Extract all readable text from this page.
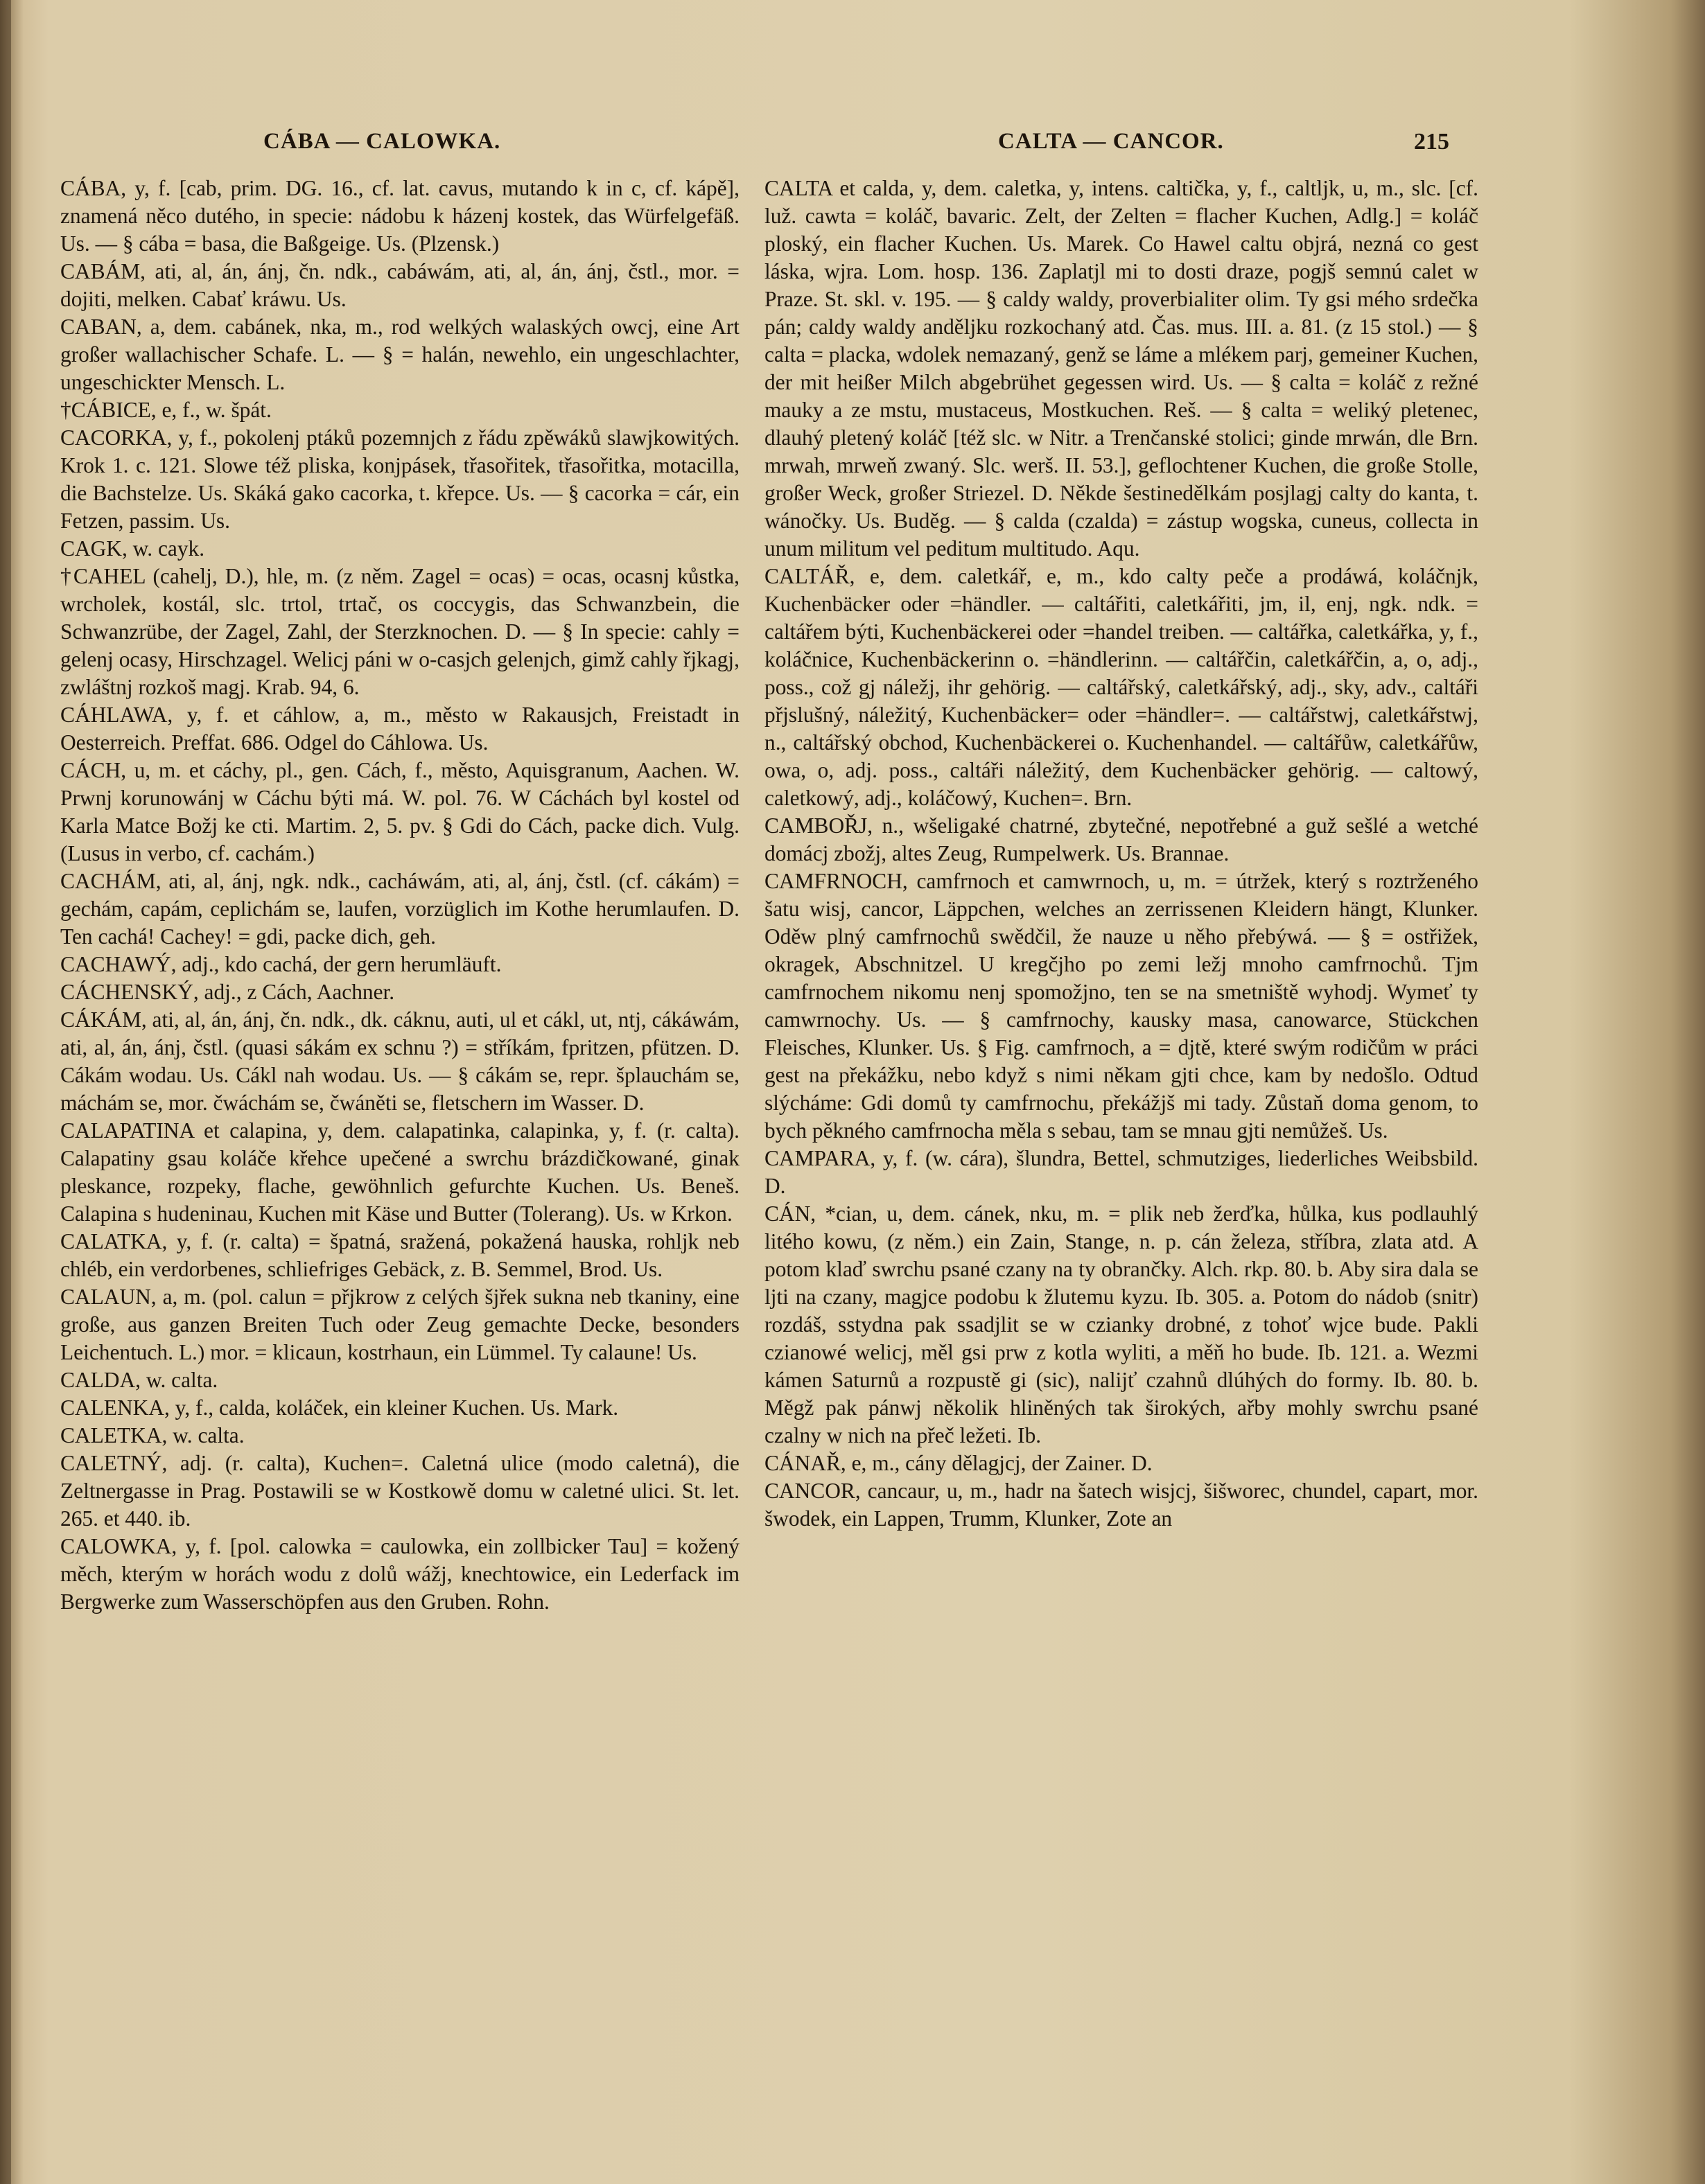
CÁBA — CALOWKA.	CALTA — CANCOR.	215

CÁBA, y, f. [cab, prim. DG. 16., cf. lat. cavus, mutando k in c, cf. kápě], znamená něco dutého, in specie: nádobu k házenj kostek, das Würfelgefäß. Us. — § cába = basa, die Baßgeige. Us. (Plzensk.)

CABÁM, ati, al, án, ánj, čn. ndk., cabáwám, ati, al, án, ánj, čstl., mor. = dojiti, melken. Cabať kráwu. Us.

CABAN, a, dem. cabánek, nka, m., rod welkých walaských owcj, eine Art großer wallachischer Schafe. L. — § = halán, newehlo, ein ungeschlachter, ungeschickter Mensch. L.

†CÁBICE, e, f., w. špát.

CACORKA, y, f., pokolenj ptáků pozemnjch z řádu zpěwáků slawjkowitých. Krok 1. c. 121. Slowe též pliska, konjpásek, třasořitek, třasořitka, motacilla, die Bachstelze. Us. Skáká gako cacorka, t. křepce. Us. — § cacorka = cár, ein Fetzen, passim. Us.

CAGK, w. cayk.

†CAHEL (cahelj, D.), hle, m. (z něm. Zagel = ocas) = ocas, ocasnj kůstka, wrcholek, kostál, slc. trtol, trtač, os coccygis, das Schwanzbein, die Schwanzrübe, der Zagel, Zahl, der Sterzknochen. D. — § In specie: cahly = gelenj ocasy, Hirschzagel. Welicj páni w o-casjch gelenjch, gimž cahly řjkagj, zwláštnj rozkoš magj. Krab. 94, 6.

CÁHLAWA, y, f. et cáhlow, a, m., město w Rakausjch, Freistadt in Oesterreich. Preffat. 686. Odgel do Cáhlowa. Us.

CÁCH, u, m. et cáchy, pl., gen. Cách, f., město, Aquisgranum, Aachen. W. Prwnj korunowánj w Cáchu býti má. W. pol. 76. W Cáchách byl kostel od Karla Matce Božj ke cti. Martim. 2, 5. pv. § Gdi do Cách, packe dich. Vulg. (Lusus in verbo, cf. cachám.)

CACHÁM, ati, al, ánj, ngk. ndk., cacháwám, ati, al, ánj, čstl. (cf. cákám) = gechám, capám, ceplichám se, laufen, vorzüglich im Kothe herumlaufen. D. Ten cachá! Cachey! = gdi, packe dich, geh.

CACHAWÝ, adj., kdo cachá, der gern herumläuft.

CÁCHENSKÝ, adj., z Cách, Aachner.

CÁKÁM, ati, al, án, ánj, čn. ndk., dk. cáknu, auti, ul et cákl, ut, ntj, cákáwám, ati, al, án, ánj, čstl. (quasi sákám ex schnu ?) = stříkám, fpritzen, pfützen. D. Cákám wodau. Us. Cákl nah wodau. Us. — § cákám se, repr. šplauchám se, máchám se, mor. čwáchám se, čwáněti se, fletschern im Wasser. D.

CALAPATINA et calapina, y, dem. calapatinka, calapinka, y, f. (r. calta). Calapatiny gsau koláče křehce upečené a swrchu brázdičkowané, ginak pleskance, rozpeky, flache, gewöhnlich gefurchte Kuchen. Us. Beneš. Calapina s hudeninau, Kuchen mit Käse und Butter (Tolerang). Us. w Krkon.

CALATKA, y, f. (r. calta) = špatná, sražená, pokažená hauska, rohljk neb chléb, ein verdorbenes, schliefriges Gebäck, z. B. Semmel, Brod. Us.

CALAUN, a, m. (pol. calun = přjkrow z celých šjřek sukna neb tkaniny, eine große, aus ganzen Breiten Tuch oder Zeug gemachte Decke, besonders Leichentuch. L.) mor. = klicaun, kostrhaun, ein Lümmel. Ty calaune! Us.

CALDA, w. calta.

CALENKA, y, f., calda, koláček, ein kleiner Kuchen. Us. Mark.

CALETKA, w. calta.

CALETNÝ, adj. (r. calta), Kuchen=. Caletná ulice (modo caletná), die Zeltnergasse in Prag. Postawili se w Kostkowě domu w caletné ulici. St. let. 265. et 440. ib.

CALOWKA, y, f. [pol. calowka = caulowka, ein zollbicker Tau] = kožený měch, kterým w horách wodu z dolů wážj, knechtowice, ein Lederfack im Bergwerke zum Wasserschöpfen aus den Gruben. Rohn.

CALTA et calda, y, dem. caletka, y, intens. caltička, y, f., caltljk, u, m., slc. [cf. luž. cawta = koláč, bavaric. Zelt, der Zelten = flacher Kuchen, Adlg.] = koláč ploský, ein flacher Kuchen. Us. Marek. Co Hawel caltu objrá, nezná co gest láska, wjra. Lom. hosp. 136. Zaplatjl mi to dosti draze, pogjš semnú calet w Praze. St. skl. v. 195. — § caldy waldy, proverbialiter olim. Ty gsi mého srdečka pán; caldy waldy anděljku rozkochaný atd. Čas. mus. III. a. 81. (z 15 stol.) — § calta = placka, wdolek nemazaný, genž se láme a mlékem parj, gemeiner Kuchen, der mit heißer Milch abgebrühet gegessen wird. Us. — § calta = koláč z režné mauky a ze mstu, mustaceus, Mostkuchen. Reš. — § calta = weliký pletenec, dlauhý pletený koláč [též slc. w Nitr. a Trenčanské stolici; ginde mrwán, dle Brn. mrwah, mrweň zwaný. Slc. werš. II. 53.], geflochtener Kuchen, die große Stolle, großer Weck, großer Striezel. D. Někde šestinedělkám posjlagj calty do kanta, t. wánočky. Us. Buděg. — § calda (czalda) = zástup wogska, cuneus, collecta in unum militum vel peditum multitudo. Aqu.

CALTÁŘ, e, dem. caletkář, e, m., kdo calty peče a prodáwá, koláčnjk, Kuchenbäcker oder =händler. — caltářiti, caletkářiti, jm, il, enj, ngk. ndk. = caltářem býti, Kuchenbäckerei oder =handel treiben. — caltářka, caletkářka, y, f., koláčnice, Kuchenbäckerinn o. =händlerinn. — caltářčin, caletkářčin, a, o, adj., poss., což gj náležj, ihr gehörig. — caltářský, caletkářský, adj., sky, adv., caltáři přjslušný, náležitý, Kuchenbäcker= oder =händler=. — caltářstwj, caletkářstwj, n., caltářský obchod, Kuchenbäckerei o. Kuchenhandel. — caltářůw, caletkářůw, owa, o, adj. poss., caltáři náležitý, dem Kuchenbäcker gehörig. — caltowý, caletkowý, adj., koláčowý, Kuchen=. Brn.

CAMBOŘJ, n., wšeligaké chatrné, zbytečné, nepotřebné a guž sešlé a wetché domácj zbožj, altes Zeug, Rumpelwerk. Us. Brannae.

CAMFRNOCH, camfrnoch et camwrnoch, u, m. = útržek, který s roztrženého šatu wisj, cancor, Läppchen, welches an zerrissenen Kleidern hängt, Klunker. Oděw plný camfrnochů swědčil, že nauze u něho přebýwá. — § = ostřižek, okragek, Abschnitzel. U kregčjho po zemi ležj mnoho camfrnochů. Tjm camfrnochem nikomu nenj spomožjno, ten se na smetniště wyhodj. Wymeť ty camwrnochy. Us. — § camfrnochy, kausky masa, canowarce, Stückchen Fleisches, Klunker. Us. § Fig. camfrnoch, a = djtě, které swým rodičům w práci gest na překážku, nebo když s nimi někam gjti chce, kam by nedošlo. Odtud slýcháme: Gdi domů ty camfrnochu, překážjš mi tady. Zůstaň doma genom, to bych pěkného camfrnocha měla s sebau, tam se mnau gjti nemůžeš. Us.

CAMPARA, y, f. (w. cára), šlundra, Bettel, schmutziges, liederliches Weibsbild. D.

CÁN, *cian, u, dem. cánek, nku, m. = plik neb žerďka, hůlka, kus podlauhlý litého kowu, (z něm.) ein Zain, Stange, n. p. cán železa, stříbra, zlata atd. A potom klaď swrchu psané czany na ty obrančky. Alch. rkp. 80. b. Aby sira dala se ljti na czany, magjce podobu k žlutemu kyzu. Ib. 305. a. Potom do nádob (snitr) rozdáš, sstydna pak ssadjlit se w czianky drobné, z tohoť wjce bude. Pakli czianowé welicj, měl gsi prw z kotla wyliti, a měň ho bude. Ib. 121. a. Wezmi kámen Saturnů a rozpustě gi (sic), nalijť czahnů dlúhých do formy. Ib. 80. b. Měgž pak pánwj několik hliněných tak širokých, ařby mohly swrchu psané czalny w nich na přeč ležeti. Ib.

CÁNAŘ, e, m., cány dělagjcj, der Zainer. D.

CANCOR, cancaur, u, m., hadr na šatech wisjcj, šišworec, chundel, capart, mor. šwodek, ein Lappen, Trumm, Klunker, Zote an
